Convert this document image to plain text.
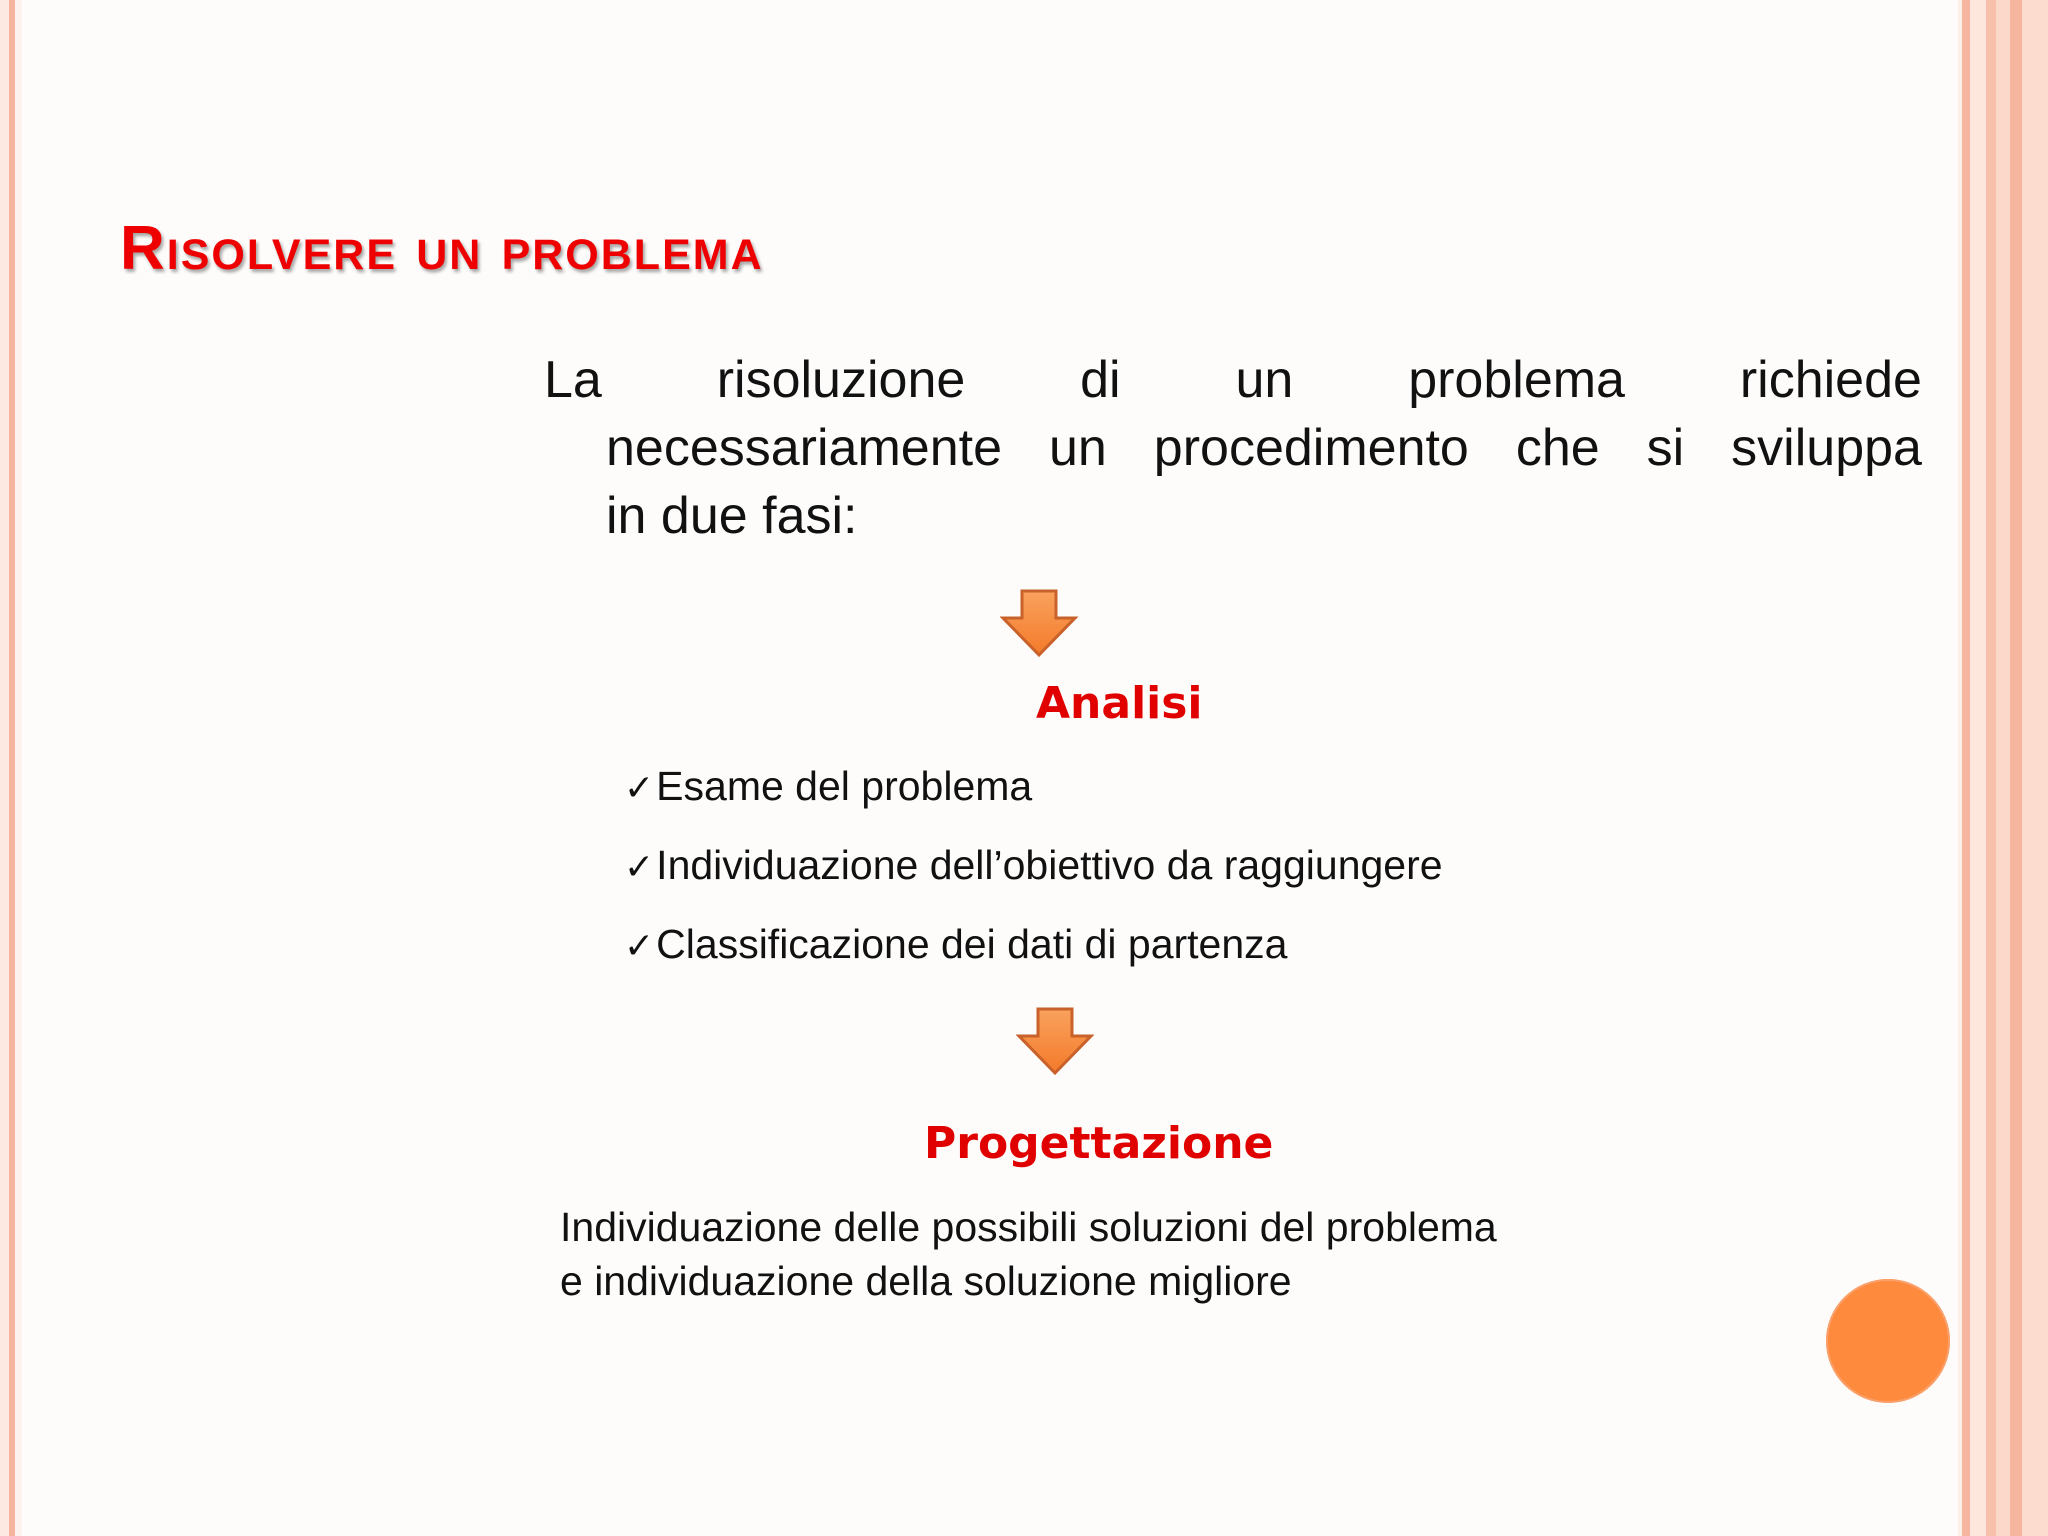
Risolvere un problema
La risoluzione di un problema richiede
necessariamente un procedimento che si sviluppa
in due fasi:
Analisi
✓Esame del problema
✓Individuazione dell’obiettivo da raggiungere
✓Classificazione dei dati di partenza
Progettazione
Individuazione delle possibili soluzioni del problema
e individuazione della soluzione migliore
